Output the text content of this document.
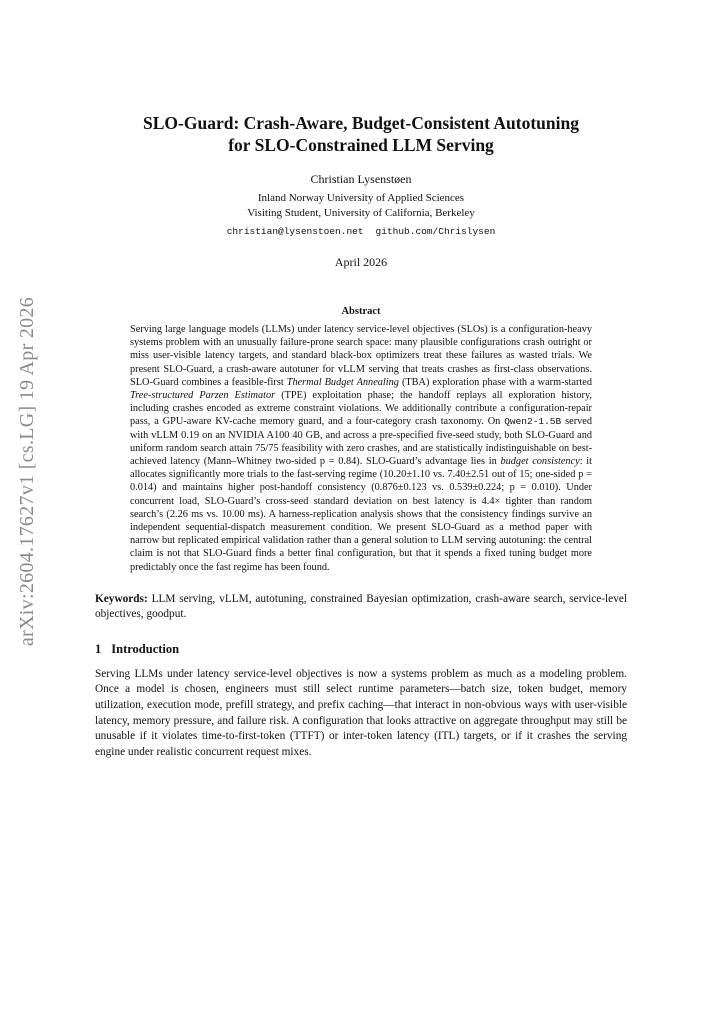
arXiv:2604.17627v1 [cs.LG] 19 Apr 2026
SLO-Guard: Crash-Aware, Budget-Consistent Autotuning
for SLO-Constrained LLM Serving
Christian Lysenstøen
Inland Norway University of Applied Sciences
Visiting Student, University of California, Berkeley
christian@lysenstoen.net github.com/Chrislysen
April 2026
Abstract
Serving large language models (LLMs) under latency service-level objectives (SLOs) is a configuration-heavy systems problem with an unusually failure-prone search space: many plausible configurations crash outright or miss user-visible latency targets, and standard black-box optimizers treat these failures as wasted trials. We present SLO-Guard, a crash-aware autotuner for vLLM serving that treats crashes as first-class observations. SLO-Guard combines a feasible-first Thermal Budget Annealing (TBA) exploration phase with a warm-started Tree-structured Parzen Estimator (TPE) exploitation phase; the handoff replays all exploration history, including crashes encoded as extreme constraint violations. We additionally contribute a configuration-repair pass, a GPU-aware KV-cache memory guard, and a four-category crash taxonomy. On Qwen2-1.5B served with vLLM 0.19 on an NVIDIA A100 40 GB, and across a pre-specified five-seed study, both SLO-Guard and uniform random search attain 75/75 feasibility with zero crashes, and are statistically indistinguishable on best-achieved latency (Mann–Whitney two-sided p = 0.84). SLO-Guard’s advantage lies in budget consistency: it allocates significantly more trials to the fast-serving regime (10.20±1.10 vs. 7.40±2.51 out of 15; one-sided p = 0.014) and maintains higher post-handoff consistency (0.876±0.123 vs. 0.539±0.224; p = 0.010). Under concurrent load, SLO-Guard’s cross-seed standard deviation on best latency is 4.4× tighter than random search’s (2.26 ms vs. 10.00 ms). A harness-replication analysis shows that the consistency findings survive an independent sequential-dispatch measurement condition. We present SLO-Guard as a method paper with narrow but replicated empirical validation rather than a general solution to LLM serving autotuning: the central claim is not that SLO-Guard finds a better final configuration, but that it spends a fixed tuning budget more predictably once the fast regime has been found.
Keywords: LLM serving, vLLM, autotuning, constrained Bayesian optimization, crash-aware search, service-level objectives, goodput.
1 Introduction
Serving LLMs under latency service-level objectives is now a systems problem as much as a modeling problem. Once a model is chosen, engineers must still select runtime parameters—batch size, token budget, memory utilization, execution mode, prefill strategy, and prefix caching—that interact in non-obvious ways with user-visible latency, memory pressure, and failure risk. A configuration that looks attractive on aggregate throughput may still be unusable if it violates time-to-first-token (TTFT) or inter-token latency (ITL) targets, or if it crashes the serving engine under realistic concurrent request mixes.
